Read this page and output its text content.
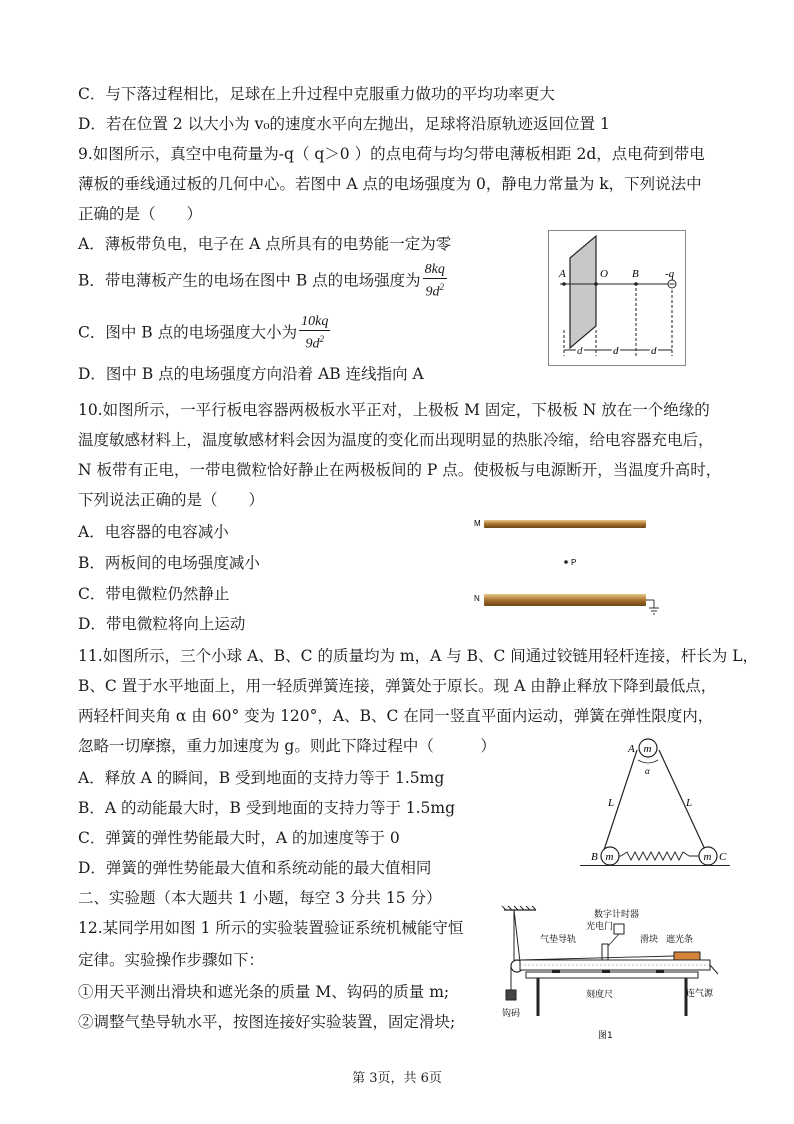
C．与下落过程相比，足球在上升过程中克服重力做功的平均功率更大
D．若在位置 2 以大小为 v₀的速度水平向左抛出，足球将沿原轨迹返回位置 1
9.如图所示，真空中电荷量为-q（ q＞0 ）的点电荷与均匀带电薄板相距 2d，点电荷到带电
薄板的垂线通过板的几何中心。若图中 A 点的电场强度为 0，静电力常量为 k，下列说法中
正确的是（　　）
A．薄板带负电，电子在 A 点所具有的电势能一定为零
B．带电薄板产生的电场在图中 B 点的电场强度为 $\frac{8kq}{9d^2}$
C．图中 B 点的电场强度大小为 $\frac{10kq}{9d^2}$
D．图中 B 点的电场强度方向沿着 AB 连线指向 A
10.如图所示，一平行板电容器两极板水平正对，上极板 M 固定，下极板 N 放在一个绝缘的
温度敏感材料上，温度敏感材料会因为温度的变化而出现明显的热胀冷缩，给电容器充电后，
N 板带有正电，一带电微粒恰好静止在两极板间的 P 点。使极板与电源断开，当温度升高时，
下列说法正确的是（　　）
A．电容器的电容减小
B．两板间的电场强度减小
C．带电微粒仍然静止
D．带电微粒将向上运动
11.如图所示，三个小球 A、B、C 的质量均为 m，A 与 B、C 间通过铰链用轻杆连接，杆长为 L，
B、C 置于水平地面上，用一轻质弹簧连接，弹簧处于原长。现 A 由静止释放下降到最低点，
两轻杆间夹角 α 由 60° 变为 120°，A、B、C 在同一竖直平面内运动，弹簧在弹性限度内，
忽略一切摩擦，重力加速度为 g。则此下降过程中（　　　）
A．释放 A 的瞬间，B 受到地面的支持力等于 1.5mg
B．A 的动能最大时，B 受到地面的支持力等于 1.5mg
C．弹簧的弹性势能最大时，A 的加速度等于 0
D．弹簧的弹性势能最大值和系统动能的最大值相同
二、实验题（本大题共 1 小题，每空 3 分共 15 分）
12.某同学用如图 1 所示的实验装置验证系统机械能守恒
定律。实验操作步骤如下：
①用天平测出滑块和遮光条的质量 M、钩码的质量 m;
②调整气垫导轨水平，按图连接好实验装置，固定滑块;
A	O B -q
d	d	d
M
P
N
m
A
α
L	L
m
B	m C
钩码
数字计时器
光电门
气垫导轨	滑块 遮光条
连气源
刻度尺
图1
第 3页，共 6页
